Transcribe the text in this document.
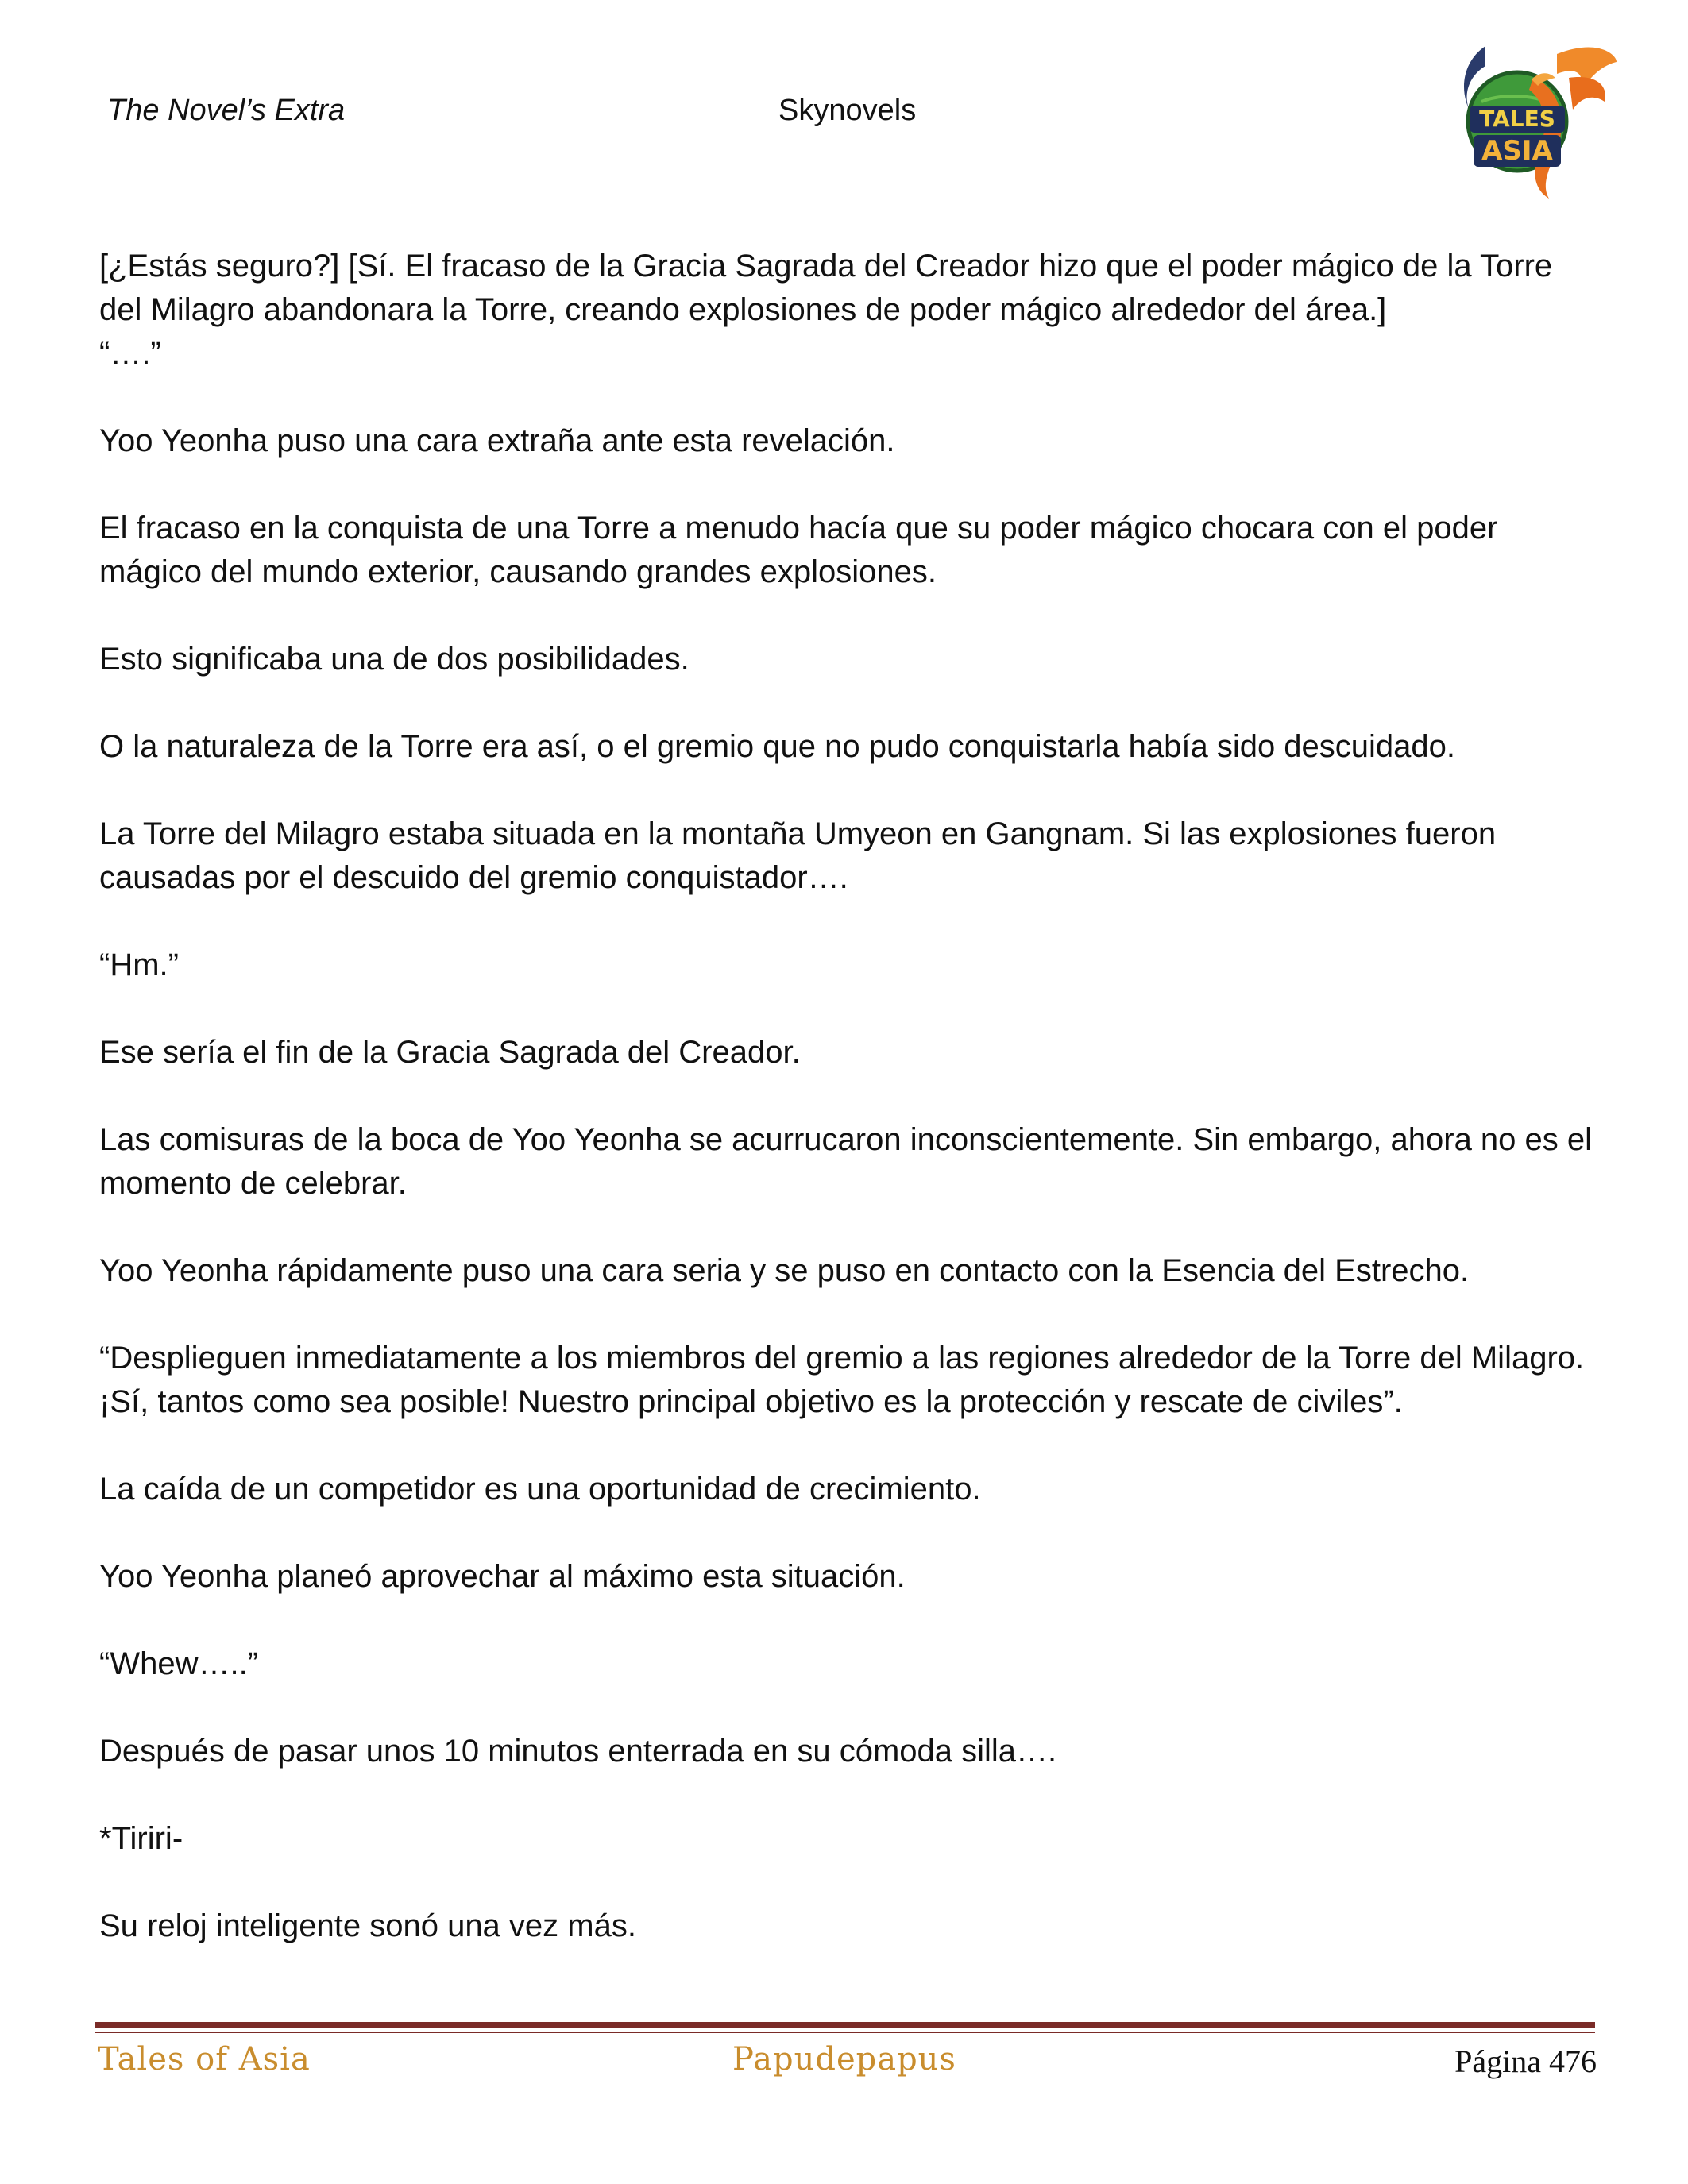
The Novel’s Extra	Skynovels	TALES
ASIA

[¿Estás seguro?] [Sí. El fracaso de la Gracia Sagrada del Creador hizo que el poder mágico de la Torre del Milagro abandonara la Torre, creando explosiones de poder mágico alrededor del área.]

“….”

Yoo Yeonha puso una cara extraña ante esta revelación.

El fracaso en la conquista de una Torre a menudo hacía que su poder mágico chocara con el poder mágico del mundo exterior, causando grandes explosiones.

Esto significaba una de dos posibilidades.

O la naturaleza de la Torre era así, o el gremio que no pudo conquistarla había sido descuidado.

La Torre del Milagro estaba situada en la montaña Umyeon en Gangnam. Si las explosiones fueron causadas por el descuido del gremio conquistador….

“Hm.”

Ese sería el fin de la Gracia Sagrada del Creador.

Las comisuras de la boca de Yoo Yeonha se acurrucaron inconscientemente. Sin embargo, ahora no es el momento de celebrar.

Yoo Yeonha rápidamente puso una cara seria y se puso en contacto con la Esencia del Estrecho.

“Desplieguen inmediatamente a los miembros del gremio a las regiones alrededor de la Torre del Milagro. ¡Sí, tantos como sea posible! Nuestro principal objetivo es la protección y rescate de civiles”.

La caída de un competidor es una oportunidad de crecimiento.

Yoo Yeonha planeó aprovechar al máximo esta situación.

“Whew…..”

Después de pasar unos 10 minutos enterrada en su cómoda silla….

*Tiriri-

Su reloj inteligente sonó una vez más.

Tales of Asia	Papudepapus	Página 476
